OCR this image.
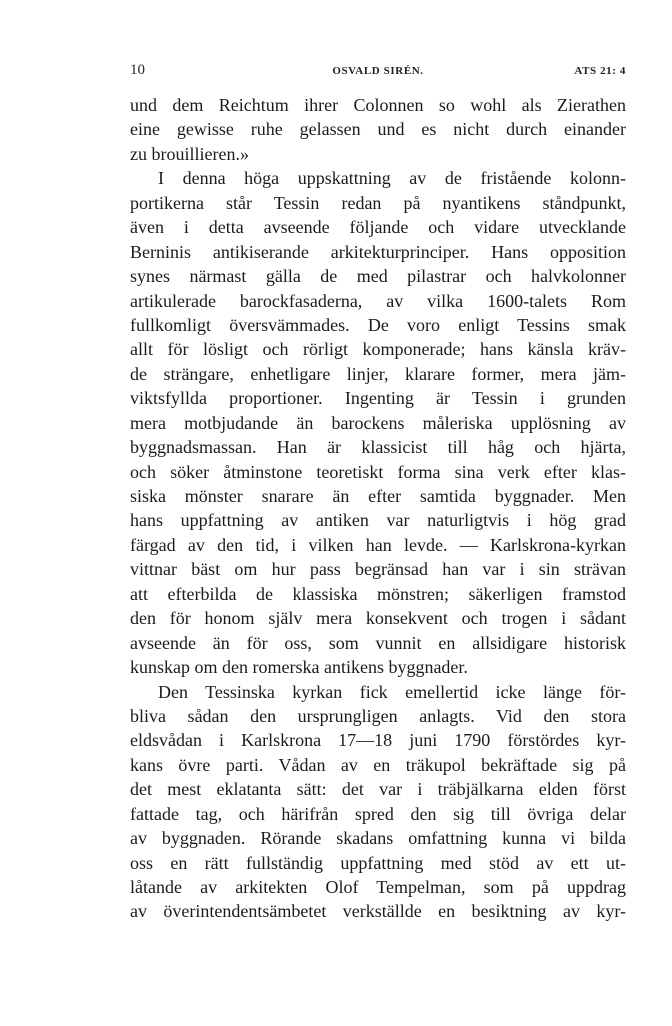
10	OSVALD SIRÉN.	ATS 21: 4
und dem Reichtum ihrer Colonnen so wohl als Zierathen
eine gewisse ruhe gelassen und es nicht durch einander
zu brouillieren.»
I denna höga uppskattning av de fristående kolonn-
portikerna står Tessin redan på nyantikens ståndpunkt,
även i detta avseende följande och vidare utvecklande
Berninis antikiserande arkitekturprinciper. Hans opposition
synes närmast gälla de med pilastrar och halvkolonner
artikulerade barockfasaderna, av vilka 1600-talets Rom
fullkomligt översvämmades. De voro enligt Tessins smak
allt för lösligt och rörligt komponerade; hans känsla kräv-
de strängare, enhetligare linjer, klarare former, mera jäm-
viktsfyllda proportioner. Ingenting är Tessin i grunden
mera motbjudande än barockens måleriska upplösning av
byggnadsmassan. Han är klassicist till håg och hjärta,
och söker åtminstone teoretiskt forma sina verk efter klas-
siska mönster snarare än efter samtida byggnader. Men
hans uppfattning av antiken var naturligtvis i hög grad
färgad av den tid, i vilken han levde. — Karlskrona-kyrkan
vittnar bäst om hur pass begränsad han var i sin strävan
att efterbilda de klassiska mönstren; säkerligen framstod
den för honom själv mera konsekvent och trogen i sådant
avseende än för oss, som vunnit en allsidigare historisk
kunskap om den romerska antikens byggnader.
Den Tessinska kyrkan fick emellertid icke länge för-
bliva sådan den ursprungligen anlagts. Vid den stora
eldsvådan i Karlskrona 17—18 juni 1790 förstördes kyr-
kans övre parti. Vådan av en träkupol bekräftade sig på
det mest eklatanta sätt: det var i träbjälkarna elden först
fattade tag, och härifrån spred den sig till övriga delar
av byggnaden. Rörande skadans omfattning kunna vi bilda
oss en rätt fullständig uppfattning med stöd av ett ut-
låtande av arkitekten Olof Tempelman, som på uppdrag
av överintendentsämbetet verkställde en besiktning av kyr-
